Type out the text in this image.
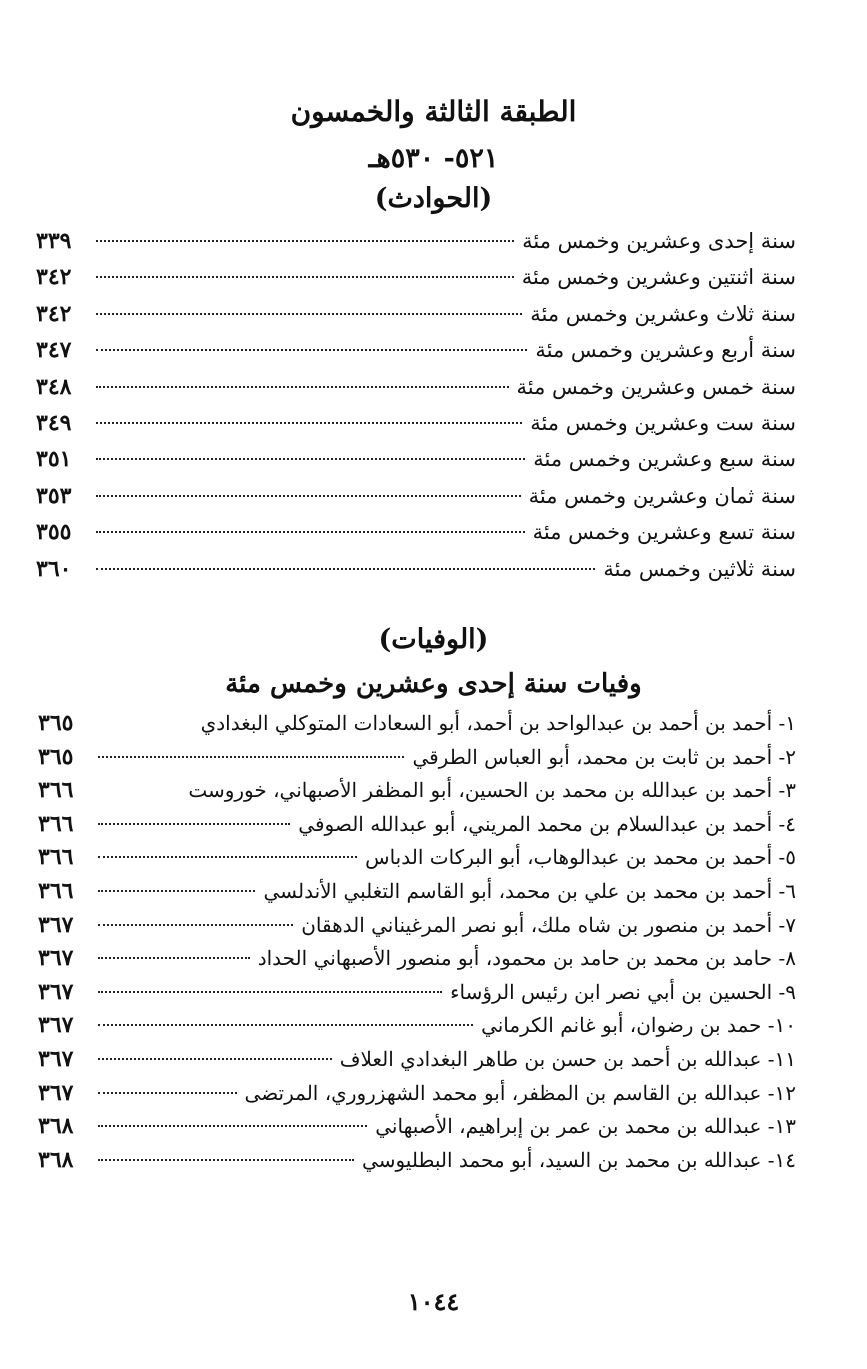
الطبقة الثالثة والخمسون
٥٢١- ٥٣٠هـ
(الحوادث)
٣٣٩	سنة إحدى وعشرين وخمس مئة
٣٤٢	سنة اثنتين وعشرين وخمس مئة
٣٤٢	سنة ثلاث وعشرين وخمس مئة
٣٤٧	سنة أربع وعشرين وخمس مئة
٣٤٨	سنة خمس وعشرين وخمس مئة
٣٤٩	سنة ست وعشرين وخمس مئة
٣٥١	سنة سبع وعشرين وخمس مئة
٣٥٣	سنة ثمان وعشرين وخمس مئة
٣٥٥	سنة تسع وعشرين وخمس مئة
٣٦٠	سنة ثلاثين وخمس مئة
(الوفيات)
وفيات سنة إحدى وعشرين وخمس مئة
٣٦٥	١- أحمد بن أحمد بن عبدالواحد بن أحمد، أبو السعادات المتوكلي البغدادي
٣٦٥	٢- أحمد بن ثابت بن محمد، أبو العباس الطرقي
٣٦٦	٣- أحمد بن عبدالله بن محمد بن الحسين، أبو المظفر الأصبهاني، خوروست
٣٦٦	٤- أحمد بن عبدالسلام بن محمد المريني، أبو عبدالله الصوفي
٣٦٦	٥- أحمد بن محمد بن عبدالوهاب، أبو البركات الدباس
٣٦٦	٦- أحمد بن محمد بن علي بن محمد، أبو القاسم التغلبي الأندلسي
٣٦٧	٧- أحمد بن منصور بن شاه ملك، أبو نصر المرغيناني الدهقان
٣٦٧	٨- حامد بن محمد بن حامد بن محمود، أبو منصور الأصبهاني الحداد
٣٦٧	٩- الحسين بن أبي نصر ابن رئيس الرؤساء
٣٦٧	١٠- حمد بن رضوان، أبو غانم الكرماني
٣٦٧	١١- عبدالله بن أحمد بن حسن بن طاهر البغدادي العلاف
٣٦٧	١٢- عبدالله بن القاسم بن المظفر، أبو محمد الشهزروري، المرتضى
٣٦٨	١٣- عبدالله بن محمد بن عمر بن إبراهيم، الأصبهاني
٣٦٨	١٤- عبدالله بن محمد بن السيد، أبو محمد البطليوسي
١٠٤٤
